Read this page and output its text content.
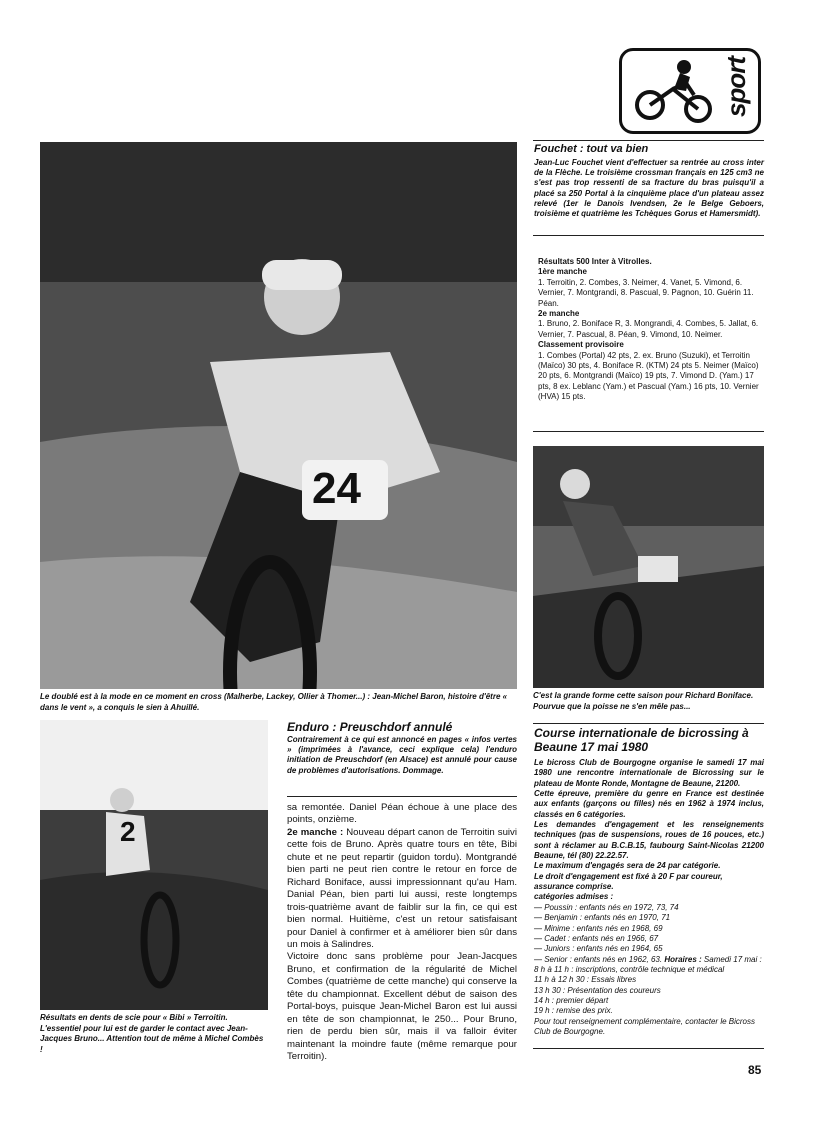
sport
24
Le doublé est à la mode en ce moment en cross (Malherbe, Lackey, Ollier à Thomer...) : Jean-Michel Baron, histoire d'être « dans le vent », a conquis le sien à Ahuillé.
Fouchet : tout va bien
Jean-Luc Fouchet vient d'effectuer sa rentrée au cross inter de la Flèche. Le troisième crossman français en 125 cm3 ne s'est pas trop ressenti de sa fracture du bras puisqu'il a placé sa 250 Portal à la cinquième place d'un plateau assez relevé (1er le Danois Ivendsen, 2e le Belge Geboers, troisième et quatrième les Tchèques Gorus et Hamersmidt).
Résultats 500 Inter à Vitrolles.
1ère manche
1. Terroitin, 2. Combes, 3. Neimer, 4. Vanet, 5. Vimond, 6. Vernier, 7. Montgrandi, 8. Pascual, 9. Pagnon, 10. Guérin 11. Péan.
2e manche
1. Bruno, 2. Boniface R, 3. Mongrandi, 4. Combes, 5. Jallat, 6. Vernier, 7. Pascual, 8. Péan, 9. Vimond, 10. Neimer.
Classement provisoire
1. Combes (Portal) 42 pts, 2. ex. Bruno (Suzuki), et Terroitin (Maïco) 30 pts, 4. Boniface R. (KTM) 24 pts 5. Neimer (Maïco) 20 pts, 6. Montgrandi (Maïco) 19 pts, 7. Vimond D. (Yam.) 17 pts, 8 ex. Leblanc (Yam.) et Pascual (Yam.) 16 pts, 10. Vernier (HVA) 15 pts.
C'est la grande forme cette saison pour Richard Boniface. Pourvue que la poisse ne s'en mêle pas...
2
Résultats en dents de scie pour « Bibi » Terroitin. L'essentiel pour lui est de garder le contact avec Jean-Jacques Bruno... Attention tout de même à Michel Combès !
Enduro : Preuschdorf annulé
Contrairement à ce qui est annoncé en pages « infos vertes » (imprimées à l'avance, ceci explique cela) l'enduro initiation de Preuschdorf (en Alsace) est annulé pour cause de problèmes d'autorisations. Dommage.
sa remontée. Daniel Péan échoue à une place des points, onzième.
2e manche : Nouveau départ canon de Terroitin suivi cette fois de Bruno. Après quatre tours en tête, Bibi chute et ne peut repartir (guidon tordu). Montgrandé bien parti ne peut rien contre le retour en force de Richard Boniface, aussi impressionnant qu'au Ham. Danial Péan, bien parti lui aussi, reste longtemps trois-quatrième avant de faiblir sur la fin, ce qui est bien normal. Huitième, c'est un retour satisfaisant pour Daniel à confirmer et à améliorer bien sûr dans un mois à Salindres.
Victoire donc sans problème pour Jean-Jacques Bruno, et confirmation de la régularité de Michel Combes (quatrième de cette manche) qui conserve la tête du championnat. Excellent début de saison des Portal-boys, puisque Jean-Michel Baron est lui aussi en tête de son championnat, le 250... Pour Bruno, rien de perdu bien sûr, mais il va falloir éviter maintenant la moindre faute (même remarque pour Terroitin).
Course internationale de bicrossing à Beaune 17 mai 1980
Le bicross Club de Bourgogne organise le samedi 17 mai 1980 une rencontre internationale de Bicrossing sur le plateau de Monte Ronde, Montagne de Beaune, 21200.
Cette épreuve, première du genre en France est destinée aux enfants (garçons ou filles) nés en 1962 à 1974 inclus, classés en 6 catégories.
Les demandes d'engagement et les renseignements techniques (pas de suspensions, roues de 16 pouces, etc.) sont à réclamer au B.C.B.15, faubourg Saint-Nicolas 21200 Beaune, tél (80) 22.22.57.
Le maximum d'engagés sera de 24 par catégorie.
Le droit d'engagement est fixé à 20 F par coureur, assurance comprise.
catégories admises :
— Poussin : enfants nés en 1972, 73, 74
— Benjamin : enfants nés en 1970, 71
— Minime : enfants nés en 1968, 69
— Cadet : enfants nés en 1966, 67
— Juniors : enfants nés en 1964, 65
— Senior : enfants nés en 1962, 63. Horaires : Samedi 17 mai : 8 h à 11 h : inscriptions, contrôle technique et médical
11 h à 12 h 30 : Essais libres
13 h 30 : Présentation des coureurs
14 h : premier départ
19 h : remise des prix.
Pour tout renseignement complémentaire, contacter le Bicross Club de Bourgogne.
85
